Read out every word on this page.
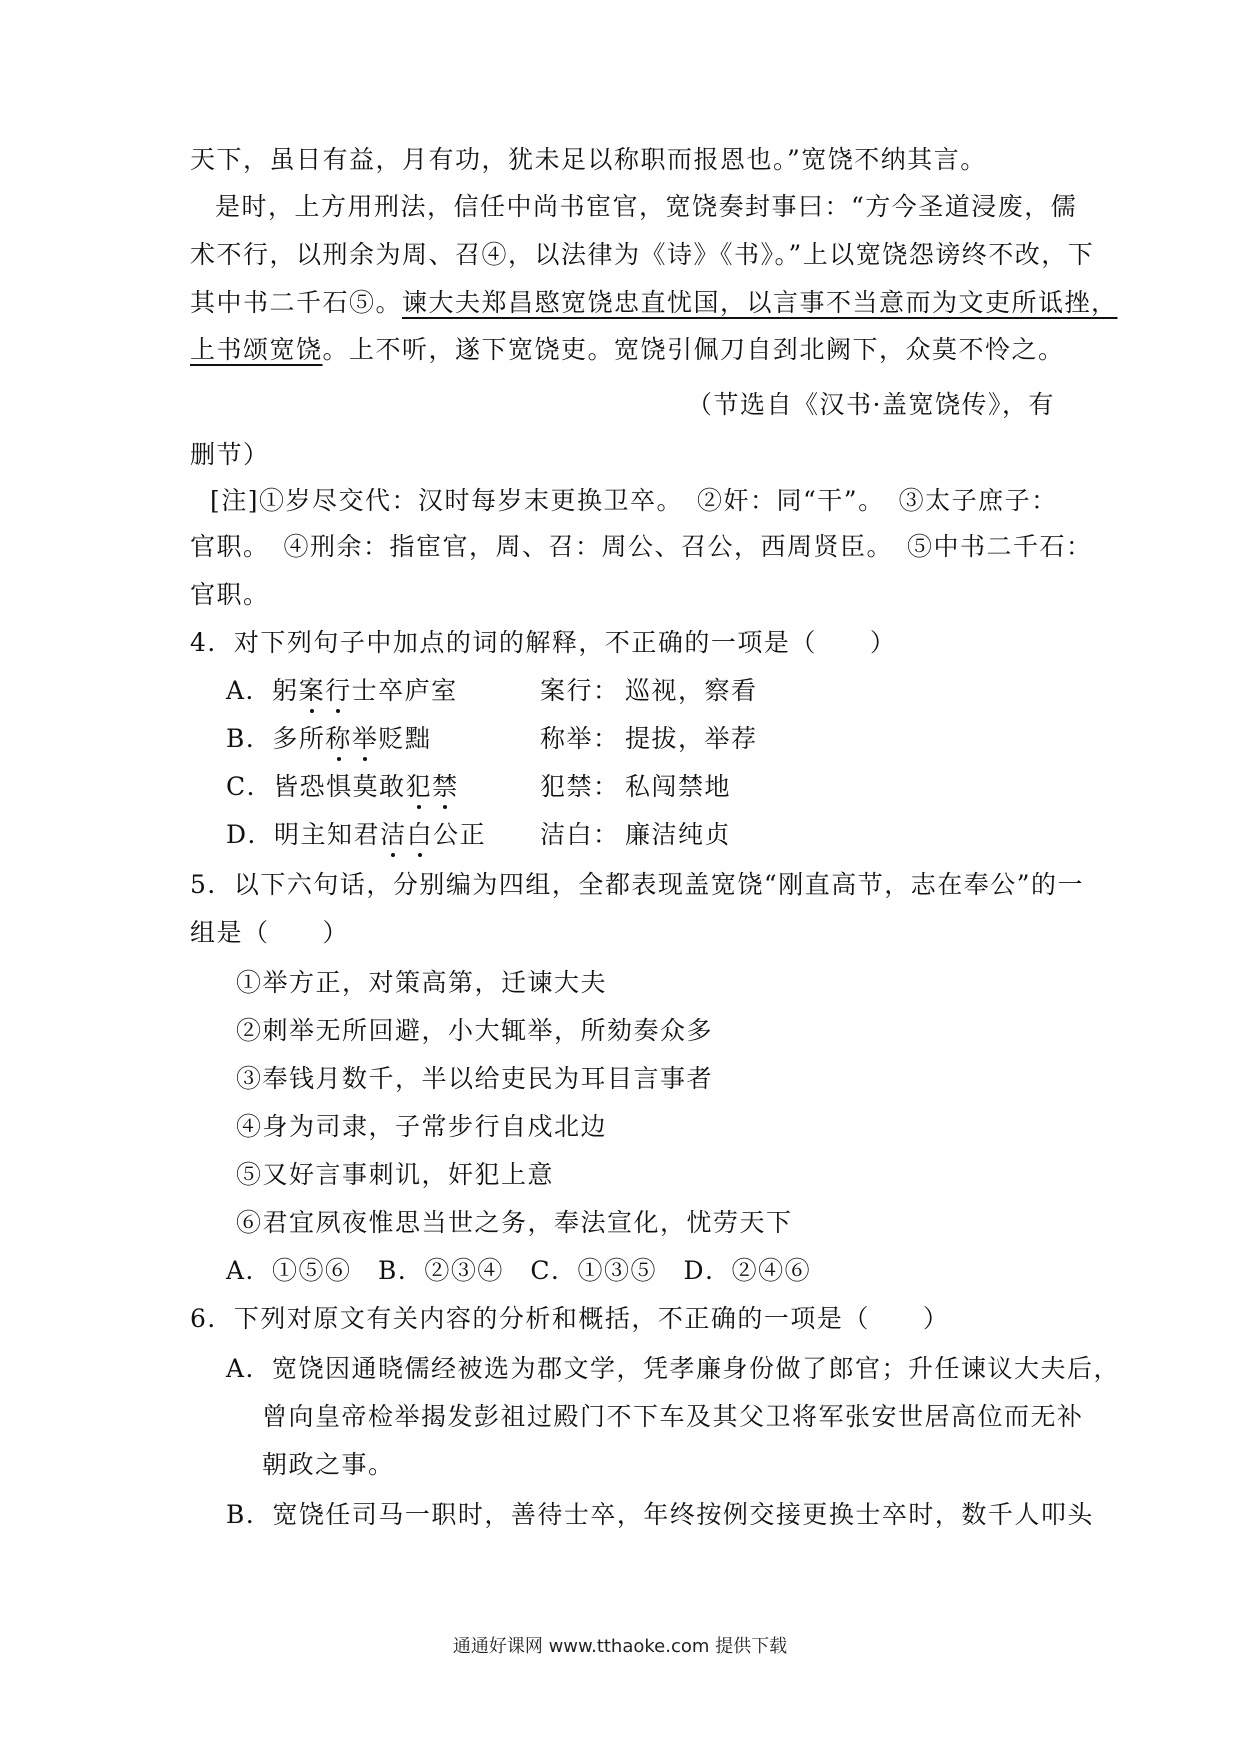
天下，虽日有益，月有功，犹未足以称职而报恩也。”宽饶不纳其言。
是时，上方用刑法，信任中尚书宦官，宽饶奏封事曰：“方今圣道浸废，儒
术不行，以刑余为周、召④，以法律为《诗》《书》。”上以宽饶怨谤终不改，下
其中书二千石⑤。谏大夫郑昌愍宽饶忠直忧国，以言事不当意而为文吏所诋挫，
上书颂宽饶。上不听，遂下宽饶吏。宽饶引佩刀自刭北阙下，众莫不怜之。
（节选自《汉书·盖宽饶传》，有
删节）
[注]①岁尽交代：汉时每岁末更换卫卒。　②奸：同“干”。　③太子庶子：
官职。　④刑余：指宦官，周、召：周公、召公，西周贤臣。　⑤中书二千石：
官职。
4．对下列句子中加点的词的解释，不正确的一项是（　　）
A．躬案行士卒庐室	案行： 巡视，察看
B．多所称举贬黜	称举： 提拔，举荐
C．皆恐惧莫敢犯禁	犯禁： 私闯禁地
D．明主知君洁白公正 洁白： 廉洁纯贞
5．以下六句话，分别编为四组，全都表现盖宽饶“刚直高节，志在奉公”的一
组是（　　）
①举方正，对策高第，迁谏大夫
②刺举无所回避，小大辄举，所劾奏众多
③奉钱月数千，半以给吏民为耳目言事者
④身为司隶，子常步行自戍北边
⑤又好言事刺讥，奸犯上意
⑥君宜夙夜惟思当世之务，奉法宣化，忧劳天下
A．①⑤⑥　B．②③④　C．①③⑤　D．②④⑥
6．下列对原文有关内容的分析和概括，不正确的一项是（　　）
A．宽饶因通晓儒经被选为郡文学，凭孝廉身份做了郎官；升任谏议大夫后，
曾向皇帝检举揭发彭祖过殿门不下车及其父卫将军张安世居高位而无补
朝政之事。
B．宽饶任司马一职时，善待士卒，年终按例交接更换士卒时，数千人叩头
通通好课网 www.tthaoke.com 提供下载
